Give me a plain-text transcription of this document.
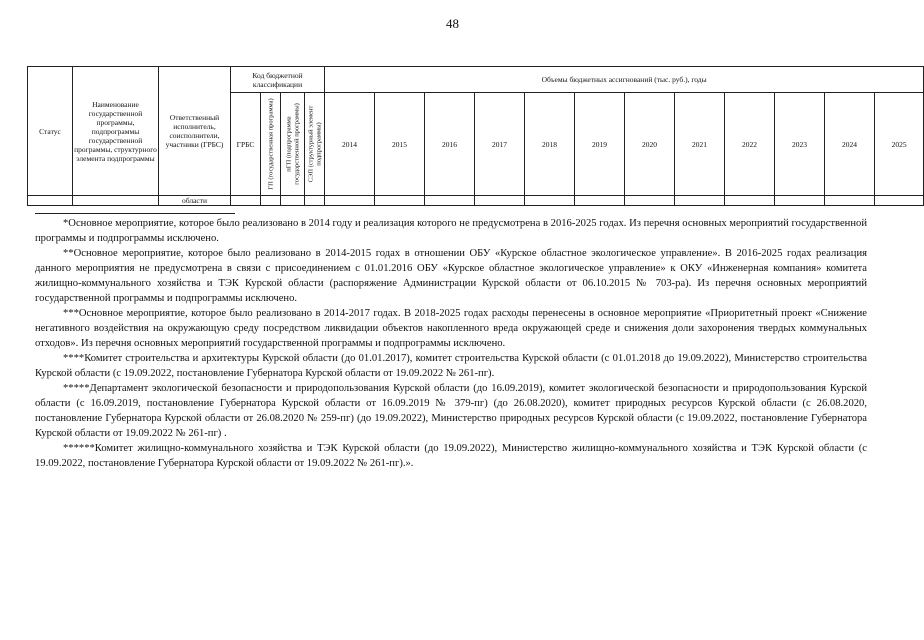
48
Статус	Наименование государственной программы, подпрограммы государственной программы, структурного элемента подпрограммы	Ответственный исполнитель, соисполнители, участники (ГРБС)	Код бюджетной классификации				Объемы бюджетных ассигнований (тыс. руб.), годы											
			ГРБС	ГП (государственная программа)	пГП (подпрограмма государственной программы)	СЭП (структурный элемент подпрограммы)	2014	2015	2016	2017	2018	2019	2020	2021	2022	2023	2024	2025
		области																

*Основное мероприятие, которое было реализовано в 2014 году и реализация которого не предусмотрена в 2016-2025 годах. Из перечня основных мероприятий государственной программы и подпрограммы исключено.

**Основное мероприятие, которое было реализовано в 2014-2015 годах в отношении ОБУ «Курское областное экологическое управление». В 2016-2025 годах реализация данного мероприятия не предусмотрена в связи с присоединением с 01.01.2016 ОБУ «Курское областное экологическое управление» к ОКУ «Инженерная компания» комитета жилищно-коммунального хозяйства и ТЭК Курской области (распоряжение Администрации Курской области от 06.10.2015 № 703-ра). Из перечня основных мероприятий государственной программы и подпрограммы исключено.

***Основное мероприятие, которое было реализовано в 2014-2017 годах. В 2018-2025 годах расходы перенесены в основное мероприятие «Приоритетный проект «Снижение негативного воздействия на окружающую среду посредством ликвидации объектов накопленного вреда окружающей среде и снижения доли захоронения твердых коммунальных отходов». Из перечня основных мероприятий государственной программы и подпрограммы исключено.

****Комитет строительства и архитектуры Курской области (до 01.01.2017), комитет строительства Курской области (с 01.01.2018 до 19.09.2022), Министерство строительства Курской области (с 19.09.2022, постановление Губернатора Курской области от 19.09.2022 № 261-пг).

*****Департамент экологической безопасности и природопользования Курской области (до 16.09.2019), комитет экологической безопасности и природопользования Курской области (с 16.09.2019, постановление Губернатора Курской области от 16.09.2019 № 379-пг) (до 26.08.2020), комитет природных ресурсов Курской области (с 26.08.2020, постановление Губернатора Курской области от 26.08.2020 № 259-пг) (до 19.09.2022), Министерство природных ресурсов Курской области (с 19.09.2022, постановление Губернатора Курской области от 19.09.2022 № 261-пг) .

******Комитет жилищно-коммунального хозяйства и ТЭК Курской области (до 19.09.2022), Министерство жилищно-коммунального хозяйства и ТЭК Курской области (с 19.09.2022, постановление Губернатора Курской области от 19.09.2022 № 261-пг).».
